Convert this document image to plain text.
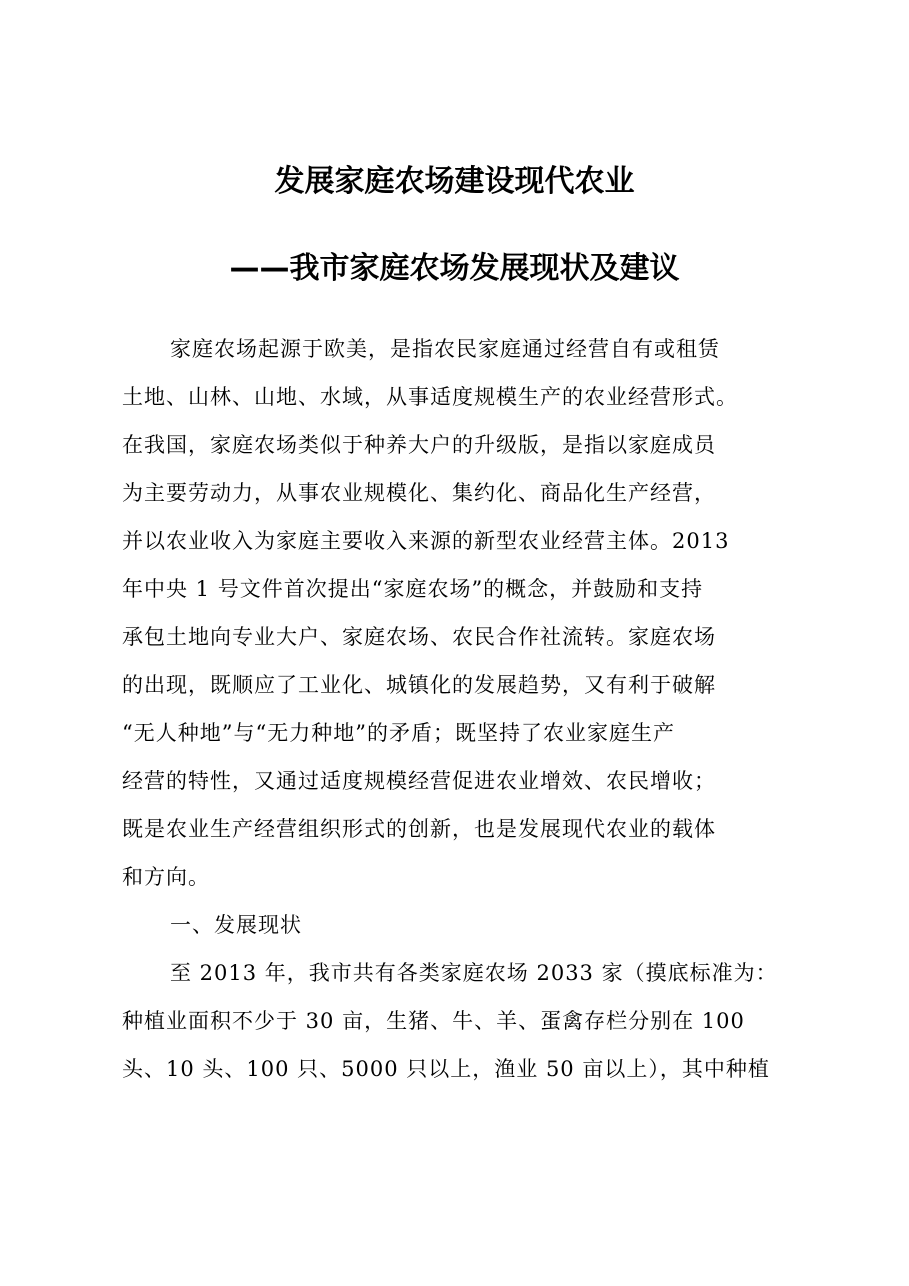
发展家庭农场建设现代农业
——我市家庭农场发展现状及建议
家庭农场起源于欧美，是指农民家庭通过经营自有或租赁
土地、山林、山地、水域，从事适度规模生产的农业经营形式。
在我国，家庭农场类似于种养大户的升级版，是指以家庭成员
为主要劳动力，从事农业规模化、集约化、商品化生产经营，
并以农业收入为家庭主要收入来源的新型农业经营主体。2013
年中央 1 号文件首次提出“家庭农场”的概念，并鼓励和支持
承包土地向专业大户、家庭农场、农民合作社流转。家庭农场
的出现，既顺应了工业化、城镇化的发展趋势，又有利于破解
“无人种地”与“无力种地”的矛盾；既坚持了农业家庭生产
经营的特性，又通过适度规模经营促进农业增效、农民增收；
既是农业生产经营组织形式的创新，也是发展现代农业的载体
和方向。
一、发展现状
至 2013 年，我市共有各类家庭农场 2033 家（摸底标准为：
种植业面积不少于 30 亩，生猪、牛、羊、蛋禽存栏分别在 100
头、10 头、100 只、5000 只以上，渔业 50 亩以上），其中种植
